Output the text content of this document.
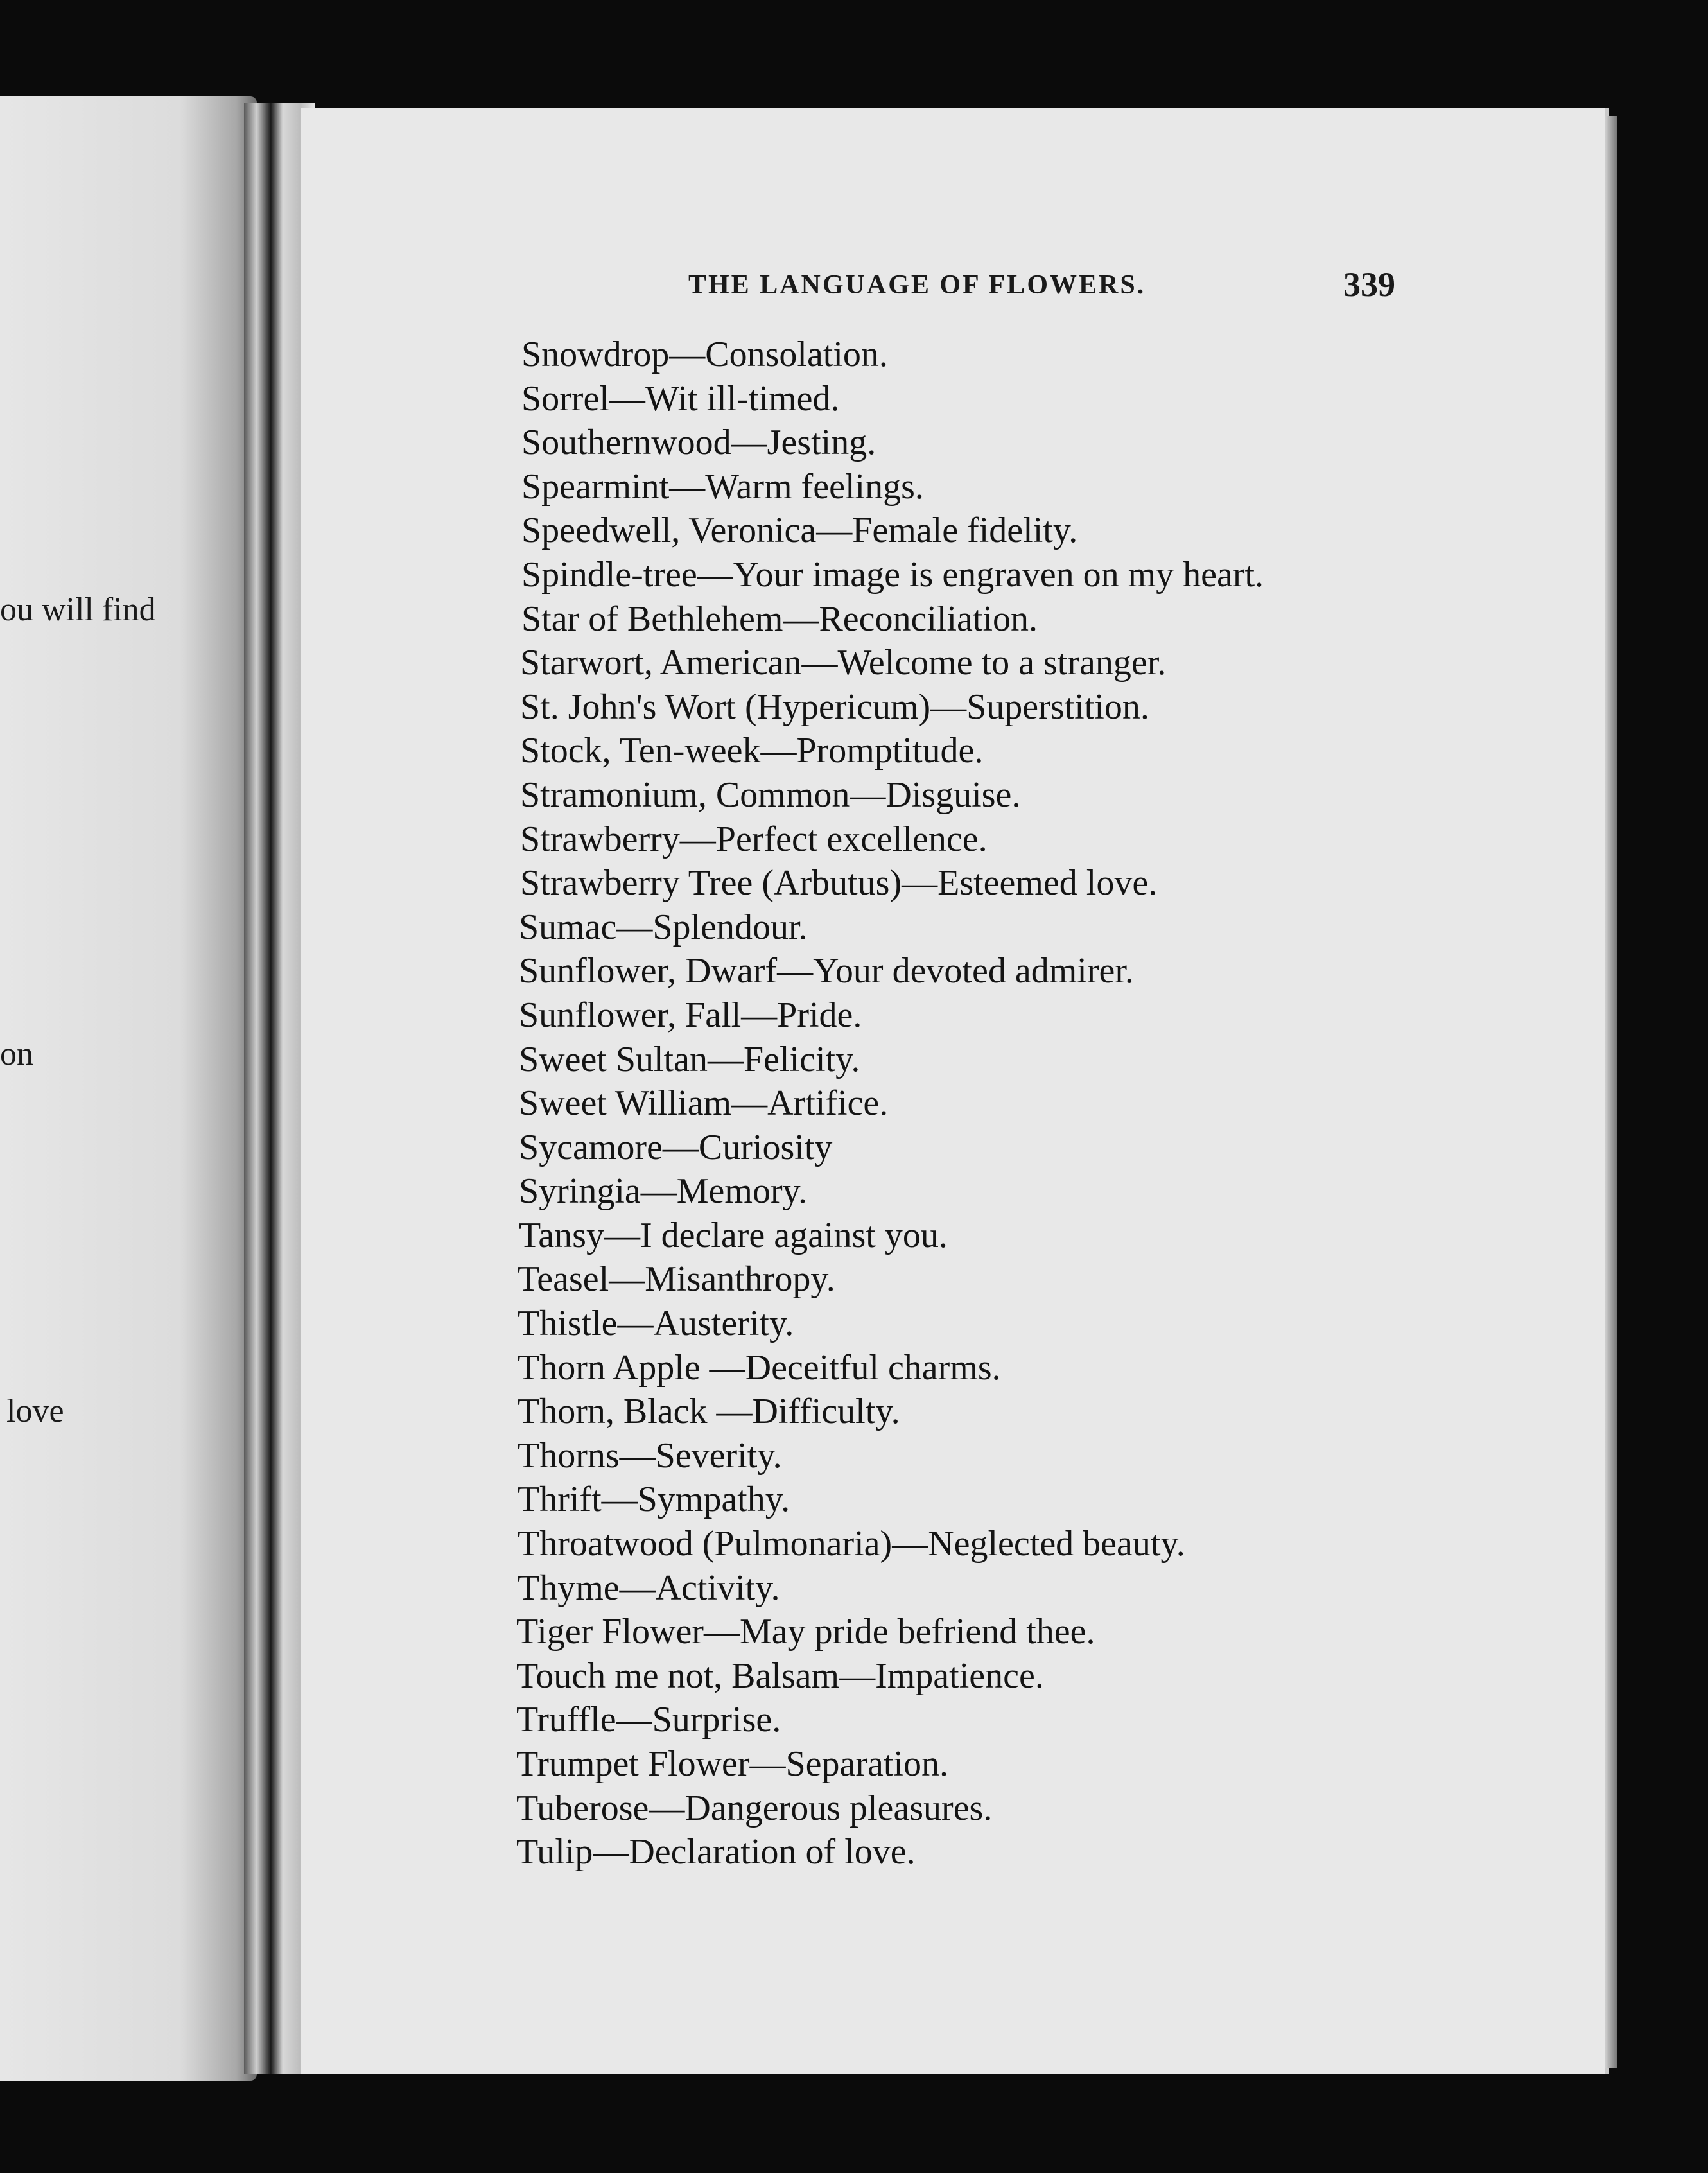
ou will find
on
love
THE LANGUAGE OF FLOWERS.	339
Snowdrop—Consolation.
Sorrel—Wit ill-timed.
Southernwood—Jesting.
Spearmint—Warm feelings.
Speedwell, Veronica—Female fidelity.
Spindle-tree—Your image is engraven on my heart.
Star of Bethlehem—Reconciliation.
Starwort, American—Welcome to a stranger.
St. John's Wort (Hypericum)—Superstition.
Stock, Ten-week—Promptitude.
Stramonium, Common—Disguise.
Strawberry—Perfect excellence.
Strawberry Tree (Arbutus)—Esteemed love.
Sumac—Splendour.
Sunflower, Dwarf—Your devoted admirer.
Sunflower, Fall—Pride.
Sweet Sultan—Felicity.
Sweet William—Artifice.
Sycamore—Curiosity
Syringia—Memory.
Tansy—I declare against you.
Teasel—Misanthropy.
Thistle—Austerity.
Thorn Apple —Deceitful charms.
Thorn, Black —Difficulty.
Thorns—Severity.
Thrift—Sympathy.
Throatwood (Pulmonaria)—Neglected beauty.
Thyme—Activity.
Tiger Flower—May pride befriend thee.
Touch me not, Balsam—Impatience.
Truffle—Surprise.
Trumpet Flower—Separation.
Tuberose—Dangerous pleasures.
Tulip—Declaration of love.
